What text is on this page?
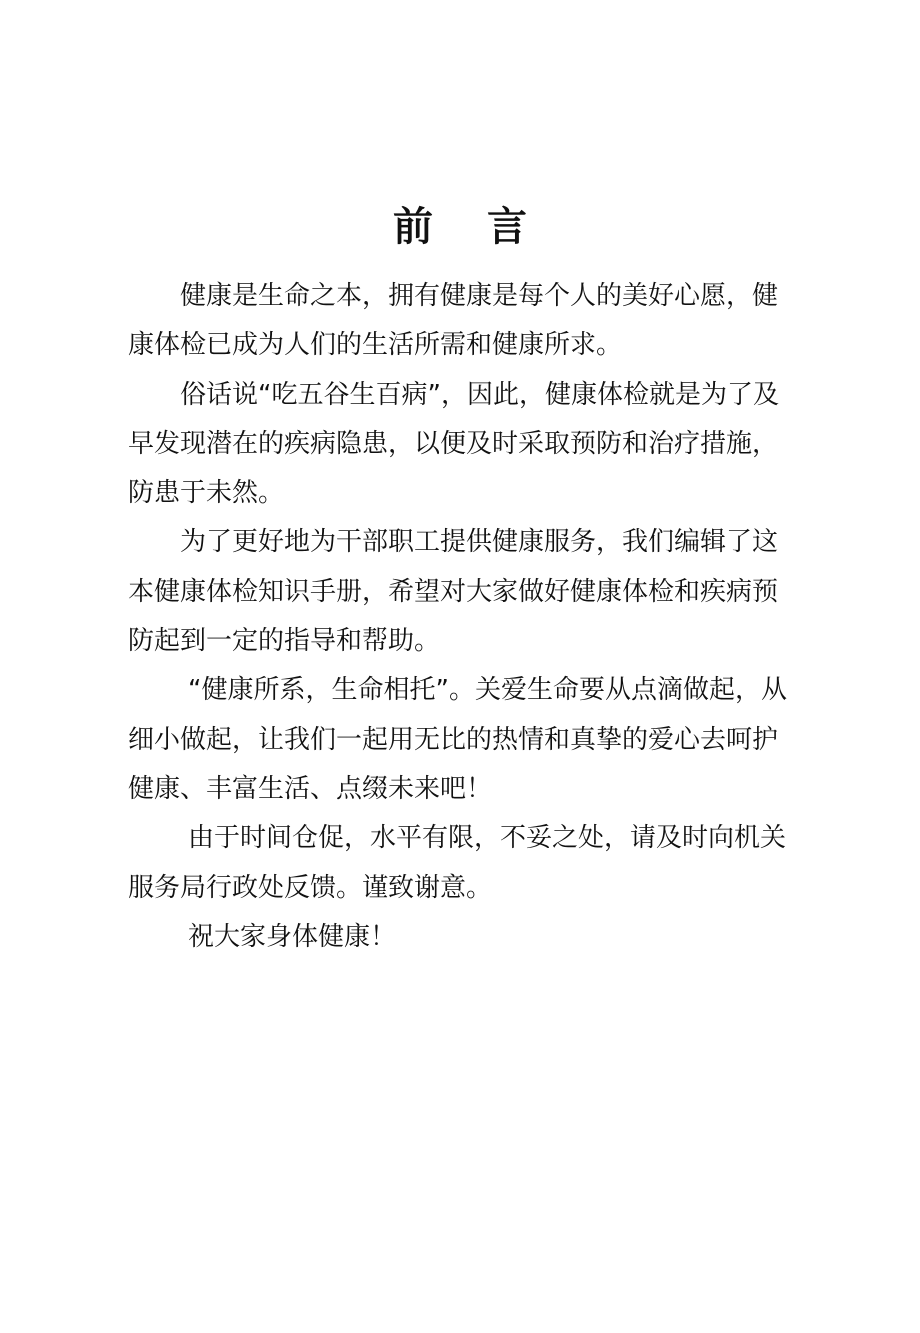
前言

健康是生命之本，拥有健康是每个人的美好心愿，健康体检已成为人们的生活所需和健康所求。

俗话说“吃五谷生百病”，因此，健康体检就是为了及早发现潜在的疾病隐患，以便及时采取预防和治疗措施，防患于未然。

为了更好地为干部职工提供健康服务，我们编辑了这本健康体检知识手册，希望对大家做好健康体检和疾病预防起到一定的指导和帮助。

“健康所系，生命相托”。关爱生命要从点滴做起，从细小做起，让我们一起用无比的热情和真挚的爱心去呵护健康、丰富生活、点缀未来吧！

由于时间仓促，水平有限，不妥之处，请及时向机关服务局行政处反馈。谨致谢意。

祝大家身体健康！
